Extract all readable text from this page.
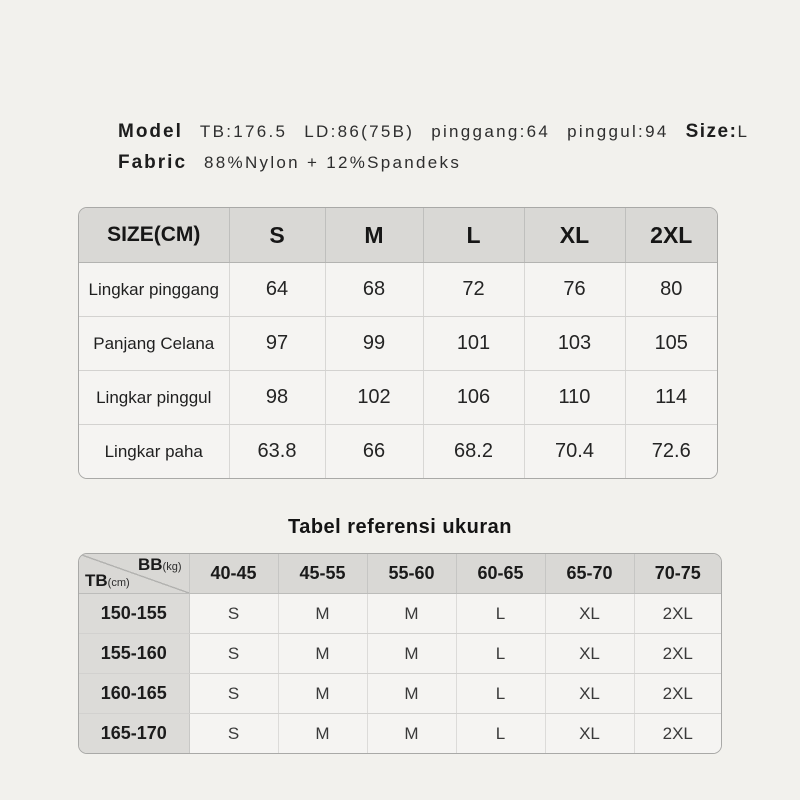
Model TB:176.5 LD:86(75B) pinggang:64 pinggul:94 Size: L
Fabric 88%Nylon + 12%Spandeks
SIZE(CM)	S	M	L	XL	2XL
Lingkar pinggang	64	68	72	76	80
Panjang Celana	97	99	101	103	105
Lingkar pinggul	98	102	106	110	114
Lingkar paha	63.8	66	68.2	70.4	72.6
Tabel referensi ukuran
BB(kg)
TB(cm)	40-45	45-55	55-60	60-65	65-70	70-75
150-155	S	M	M	L	XL	2XL
155-160	S	M	M	L	XL	2XL
160-165	S	M	M	L	XL	2XL
165-170	S	M	M	L	XL	2XL
